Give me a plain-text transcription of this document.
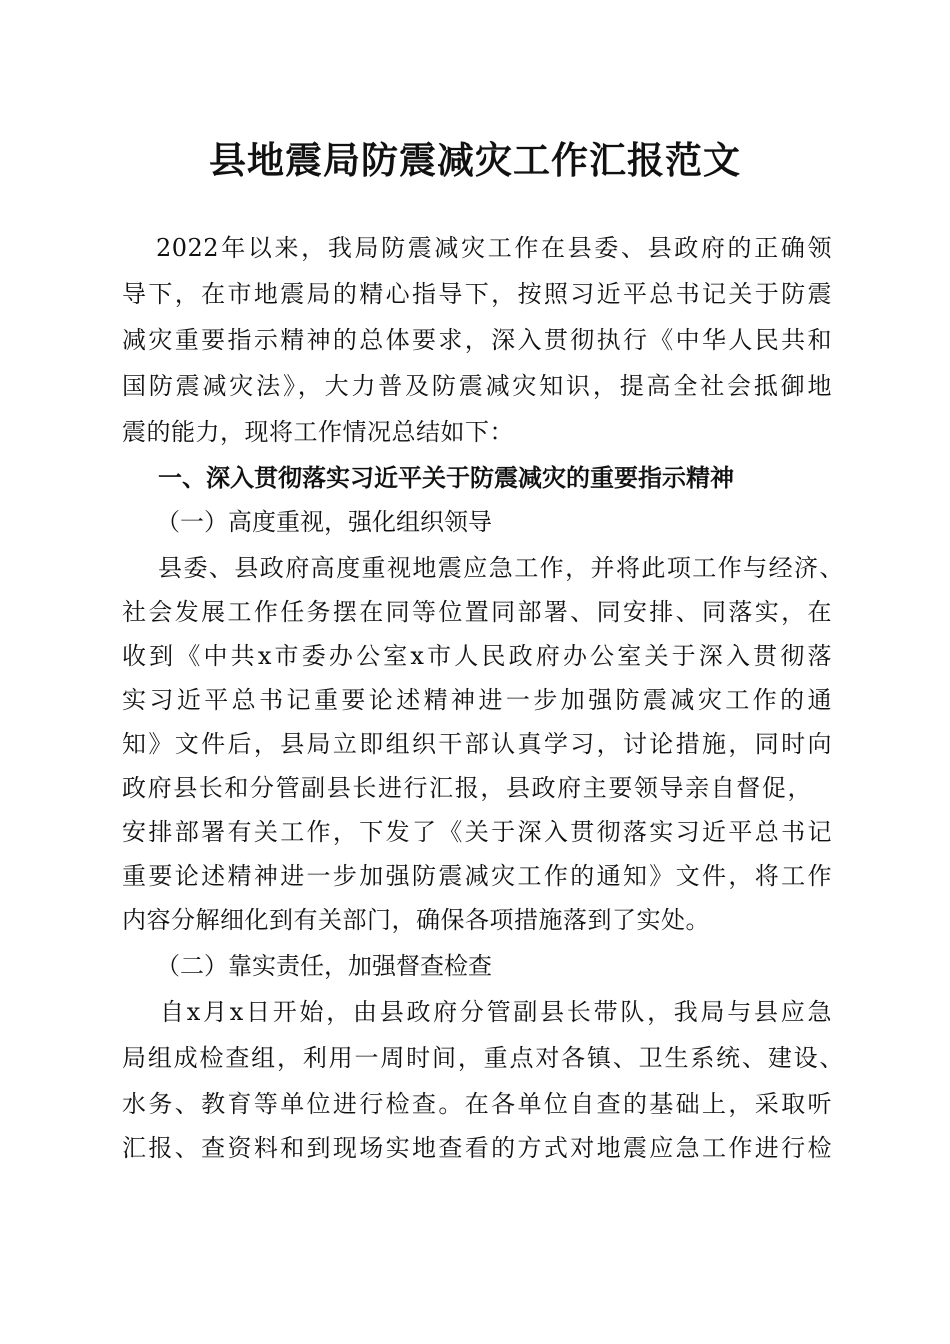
县地震局防震减灾工作汇报范文
2022年以来，我局防震减灾工作在县委、县政府的正确领
导下，在市地震局的精心指导下，按照习近平总书记关于防震
减灾重要指示精神的总体要求，深入贯彻执行《中华人民共和
国防震减灾法》，大力普及防震减灾知识，提高全社会抵御地
震的能力，现将工作情况总结如下：
一、深入贯彻落实习近平关于防震减灾的重要指示精神
（一）高度重视，强化组织领导
县委、县政府高度重视地震应急工作，并将此项工作与经济、
社会发展工作任务摆在同等位置同部署、同安排、同落实，在
收到《中共x市委办公室x市人民政府办公室关于深入贯彻落
实习近平总书记重要论述精神进一步加强防震减灾工作的通
知》文件后，县局立即组织干部认真学习，讨论措施，同时向
政府县长和分管副县长进行汇报，县政府主要领导亲自督促，
安排部署有关工作，下发了《关于深入贯彻落实习近平总书记
重要论述精神进一步加强防震减灾工作的通知》文件，将工作
内容分解细化到有关部门，确保各项措施落到了实处。
（二）靠实责任，加强督查检查
自x月x日开始，由县政府分管副县长带队，我局与县应急
局组成检查组，利用一周时间，重点对各镇、卫生系统、建设、
水务、教育等单位进行检查。在各单位自查的基础上，采取听
汇报、查资料和到现场实地查看的方式对地震应急工作进行检
